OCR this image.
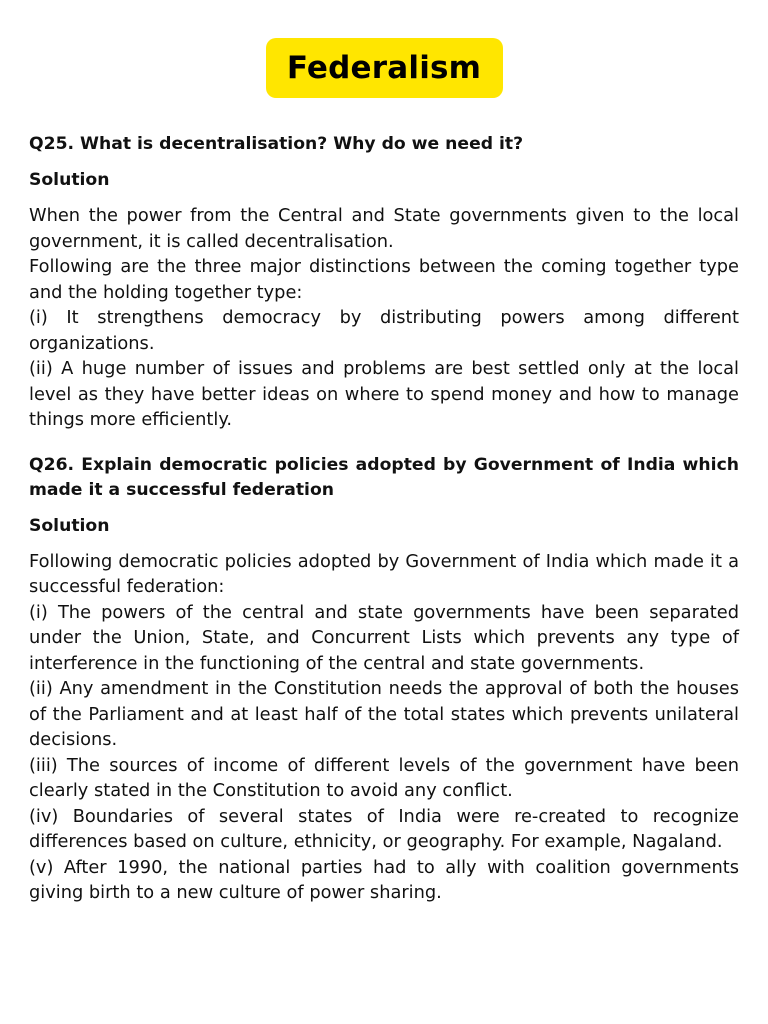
Federalism
Q25. What is decentralisation? Why do we need it?
Solution

When the power from the Central and State governments given to the local government, it is called decentralisation.

Following are the three major distinctions between the coming together type and the holding together type:

(i) It strengthens democracy by distributing powers among different organizations.

(ii) A huge number of issues and problems are best settled only at the local level as they have better ideas on where to spend money and how to manage things more efficiently.

Q26. Explain democratic policies adopted by Government of India which made it a successful federation
Solution

Following democratic policies adopted by Government of India which made it a successful federation:

(i) The powers of the central and state governments have been separated under the Union, State, and Concurrent Lists which prevents any type of interference in the functioning of the central and state governments.

(ii) Any amendment in the Constitution needs the approval of both the houses of the Parliament and at least half of the total states which prevents unilateral decisions.

(iii) The sources of income of different levels of the government have been clearly stated in the Constitution to avoid any conflict.

(iv) Boundaries of several states of India were re-created to recognize differences based on culture, ethnicity, or geography. For example, Nagaland.

(v) After 1990, the national parties had to ally with coalition governments giving birth to a new culture of power sharing.
